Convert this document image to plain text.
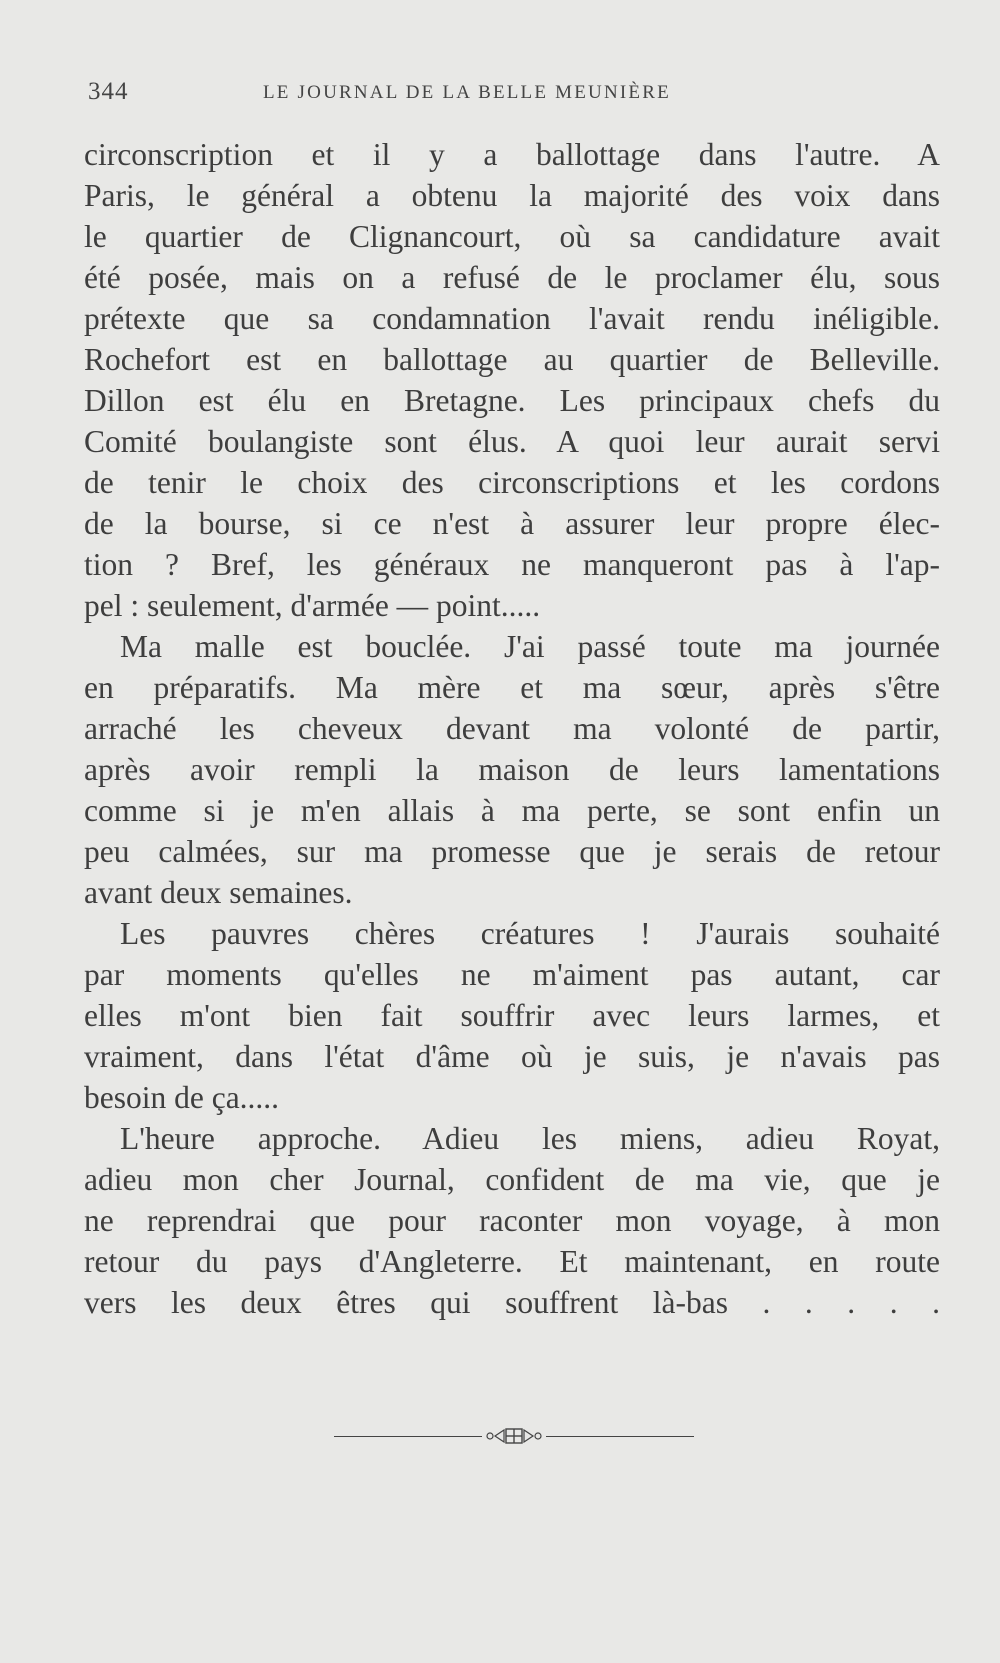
344	LE JOURNAL DE LA BELLE MEUNIÈRE
circonscription et il y a ballottage dans l'autre. A
Paris, le général a obtenu la majorité des voix dans
le quartier de Clignancourt, où sa candidature avait
été posée, mais on a refusé de le proclamer élu, sous
prétexte que sa condamnation l'avait rendu inéligible.
Rochefort est en ballottage au quartier de Belleville.
Dillon est élu en Bretagne. Les principaux chefs du
Comité boulangiste sont élus. A quoi leur aurait servi
de tenir le choix des circonscriptions et les cordons
de la bourse, si ce n'est à assurer leur propre élec-
tion ? Bref, les généraux ne manqueront pas à l'ap-
pel : seulement, d'armée — point.....
Ma malle est bouclée. J'ai passé toute ma journée
en préparatifs. Ma mère et ma sœur, après s'être
arraché les cheveux devant ma volonté de partir,
après avoir rempli la maison de leurs lamentations
comme si je m'en allais à ma perte, se sont enfin un
peu calmées, sur ma promesse que je serais de retour
avant deux semaines.
Les pauvres chères créatures ! J'aurais souhaité
par moments qu'elles ne m'aiment pas autant, car
elles m'ont bien fait souffrir avec leurs larmes, et
vraiment, dans l'état d'âme où je suis, je n'avais pas
besoin de ça.....
L'heure approche. Adieu les miens, adieu Royat,
adieu mon cher Journal, confident de ma vie, que je
ne reprendrai que pour raconter mon voyage, à mon
retour du pays d'Angleterre. Et maintenant, en route
vers les deux êtres qui souffrent là-bas . . . . .
